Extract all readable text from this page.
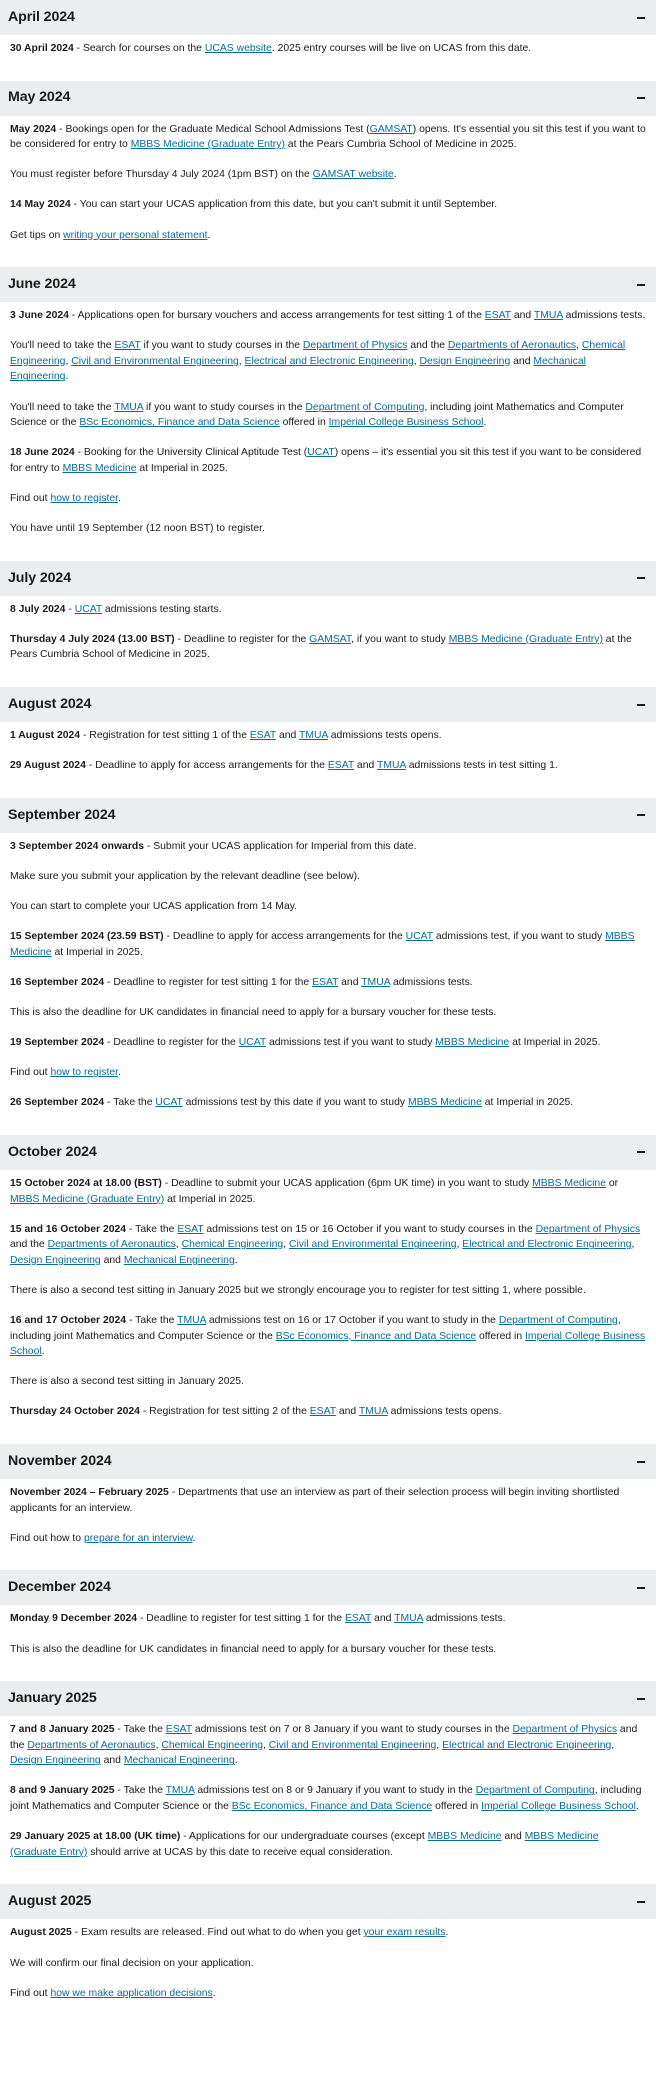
April 2024

30 April 2024 - Search for courses on the UCAS website. 2025 entry courses will be live on UCAS from this date.

May 2024

May 2024 - Bookings open for the Graduate Medical School Admissions Test (GAMSAT) opens. It's essential you sit this test if you want to be considered for entry to MBBS Medicine (Graduate Entry) at the Pears Cumbria School of Medicine in 2025.

You must register before Thursday 4 July 2024 (1pm BST) on the GAMSAT website.

14 May 2024 - You can start your UCAS application from this date, but you can't submit it until September.

Get tips on writing your personal statement.

June 2024

3 June 2024 - Applications open for bursary vouchers and access arrangements for test sitting 1 of the ESAT and TMUA admissions tests.

You'll need to take the ESAT if you want to study courses in the Department of Physics and the Departments of Aeronautics, Chemical Engineering, Civil and Environmental Engineering, Electrical and Electronic Engineering, Design Engineering and Mechanical Engineering.

You'll need to take the TMUA if you want to study courses in the Department of Computing, including joint Mathematics and Computer Science or the BSc Economics, Finance and Data Science offered in Imperial College Business School.

18 June 2024 - Booking for the University Clinical Aptitude Test (UCAT) opens – it's essential you sit this test if you want to be considered for entry to MBBS Medicine at Imperial in 2025.

Find out how to register.

You have until 19 September (12 noon BST) to register.

July 2024

8 July 2024 - UCAT admissions testing starts.

Thursday 4 July 2024 (13.00 BST) - Deadline to register for the GAMSAT, if you want to study MBBS Medicine (Graduate Entry) at the Pears Cumbria School of Medicine in 2025.

August 2024

1 August 2024 - Registration for test sitting 1 of the ESAT and TMUA admissions tests opens.

29 August 2024 - Deadline to apply for access arrangements for the ESAT and TMUA admissions tests in test sitting 1.

September 2024

3 September 2024 onwards - Submit your UCAS application for Imperial from this date.

Make sure you submit your application by the relevant deadline (see below).

You can start to complete your UCAS application from 14 May.

15 September 2024 (23.59 BST) - Deadline to apply for access arrangements for the UCAT admissions test, if you want to study MBBS Medicine at Imperial in 2025.

16 September 2024 - Deadline to register for test sitting 1 for the ESAT and TMUA admissions tests.

This is also the deadline for UK candidates in financial need to apply for a bursary voucher for these tests.

19 September 2024 - Deadline to register for the UCAT admissions test if you want to study MBBS Medicine at Imperial in 2025.

Find out how to register.

26 September 2024 - Take the UCAT admissions test by this date if you want to study MBBS Medicine at Imperial in 2025.

October 2024

15 October 2024 at 18.00 (BST) - Deadline to submit your UCAS application (6pm UK time) in you want to study MBBS Medicine or MBBS Medicine (Graduate Entry) at Imperial in 2025.

15 and 16 October 2024 - Take the ESAT admissions test on 15 or 16 October if you want to study courses in the Department of Physics and the Departments of Aeronautics, Chemical Engineering, Civil and Environmental Engineering, Electrical and Electronic Engineering, Design Engineering and Mechanical Engineering.

There is also a second test sitting in January 2025 but we strongly encourage you to register for test sitting 1, where possible.

16 and 17 October 2024 - Take the TMUA admissions test on 16 or 17 October if you want to study in the Department of Computing, including joint Mathematics and Computer Science or the BSc Economics, Finance and Data Science offered in Imperial College Business School.

There is also a second test sitting in January 2025.

Thursday 24 October 2024 - Registration for test sitting 2 of the ESAT and TMUA admissions tests opens.

November 2024

November 2024 – February 2025 - Departments that use an interview as part of their selection process will begin inviting shortlisted applicants for an interview.

Find out how to prepare for an interview.

December 2024

Monday 9 December 2024 - Deadline to register for test sitting 1 for the ESAT and TMUA admissions tests.

This is also the deadline for UK candidates in financial need to apply for a bursary voucher for these tests.

January 2025

7 and 8 January 2025 - Take the ESAT admissions test on 7 or 8 January if you want to study courses in the Department of Physics and the Departments of Aeronautics, Chemical Engineering, Civil and Environmental Engineering, Electrical and Electronic Engineering, Design Engineering and Mechanical Engineering.

8 and 9 January 2025 - Take the TMUA admissions test on 8 or 9 January if you want to study in the Department of Computing, including joint Mathematics and Computer Science or the BSc Economics, Finance and Data Science offered in Imperial College Business School.

29 January 2025 at 18.00 (UK time) - Applications for our undergraduate courses (except MBBS Medicine and MBBS Medicine (Graduate Entry) should arrive at UCAS by this date to receive equal consideration.

August 2025

August 2025 - Exam results are released. Find out what to do when you get your exam results.

We will confirm our final decision on your application.

Find out how we make application decisions.
